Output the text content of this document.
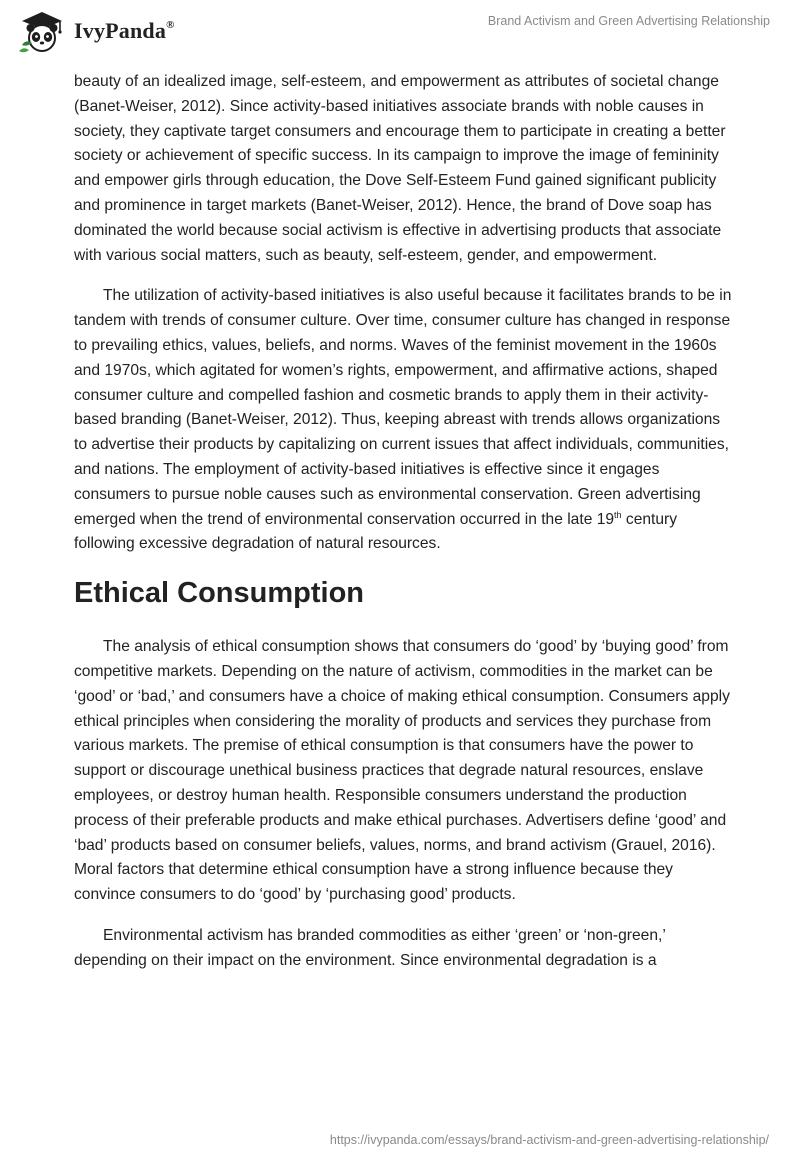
IvyPanda®	Brand Activism and Green Advertising Relationship

beauty of an idealized image, self-esteem, and empowerment as attributes of societal change (Banet-Weiser, 2012). Since activity-based initiatives associate brands with noble causes in society, they captivate target consumers and encourage them to participate in creating a better society or achievement of specific success. In its campaign to improve the image of femininity and empower girls through education, the Dove Self-Esteem Fund gained significant publicity and prominence in target markets (Banet-Weiser, 2012). Hence, the brand of Dove soap has dominated the world because social activism is effective in advertising products that associate with various social matters, such as beauty, self-esteem, gender, and empowerment.

The utilization of activity-based initiatives is also useful because it facilitates brands to be in tandem with trends of consumer culture. Over time, consumer culture has changed in response to prevailing ethics, values, beliefs, and norms. Waves of the feminist movement in the 1960s and 1970s, which agitated for women’s rights, empowerment, and affirmative actions, shaped consumer culture and compelled fashion and cosmetic brands to apply them in their activity-based branding (Banet-Weiser, 2012). Thus, keeping abreast with trends allows organizations to advertise their products by capitalizing on current issues that affect individuals, communities, and nations. The employment of activity-based initiatives is effective since it engages consumers to pursue noble causes such as environmental conservation. Green advertising emerged when the trend of environmental conservation occurred in the late 19th century following excessive degradation of natural resources.

Ethical Consumption

The analysis of ethical consumption shows that consumers do ‘good’ by ‘buying good’ from competitive markets. Depending on the nature of activism, commodities in the market can be ‘good’ or ‘bad,’ and consumers have a choice of making ethical consumption. Consumers apply ethical principles when considering the morality of products and services they purchase from various markets. The premise of ethical consumption is that consumers have the power to support or discourage unethical business practices that degrade natural resources, enslave employees, or destroy human health. Responsible consumers understand the production process of their preferable products and make ethical purchases. Advertisers define ‘good’ and ‘bad’ products based on consumer beliefs, values, norms, and brand activism (Grauel, 2016). Moral factors that determine ethical consumption have a strong influence because they convince consumers to do ‘good’ by ‘purchasing good’ products.

Environmental activism has branded commodities as either ‘green’ or ‘non-green,’ depending on their impact on the environment. Since environmental degradation is a

https://ivypanda.com/essays/brand-activism-and-green-advertising-relationship/
